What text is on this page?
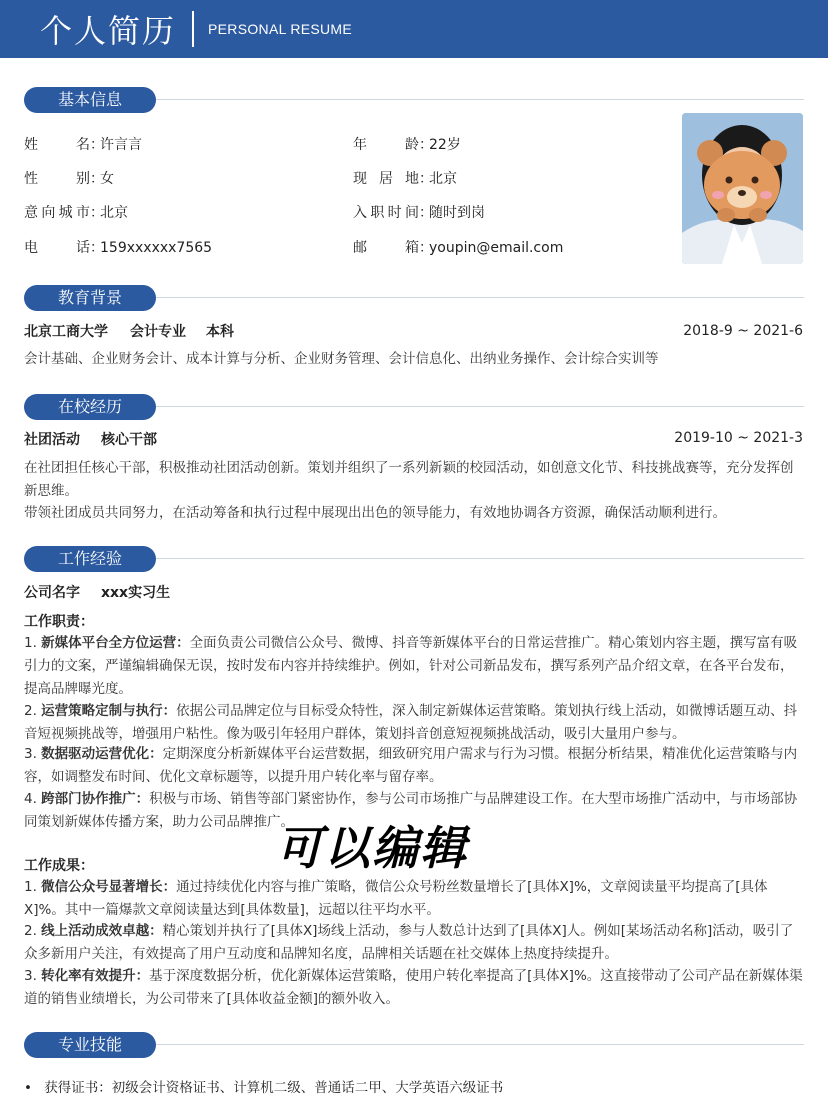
个人简历 PERSONAL RESUME
基本信息
姓名：许言言	年龄：22岁
性别：女	现居地：北京
意向城市：北京	入职时间：随时到岗
电话：159xxxxxx7565	邮箱：youpin@email.com
教育背景
北京工商大学 会计专业 本科	2018-9 ~ 2021-6
会计基础、企业财务会计、成本计算与分析、企业财务管理、会计信息化、出纳业务操作、会计综合实训等
在校经历
社团活动 核心干部	2019-10 ~ 2021-3
在社团担任核心干部，积极推动社团活动创新。策划并组织了一系列新颖的校园活动，如创意文化节、科技挑战赛等，充分发挥创新思维。
带领社团成员共同努力，在活动筹备和执行过程中展现出出色的领导能力，有效地协调各方资源，确保活动顺利进行。
工作经验
公司名字 xxx实习生
工作职责：
1. 新媒体平台全方位运营：全面负责公司微信公众号、微博、抖音等新媒体平台的日常运营推广。精心策划内容主题，撰写富有吸引力的文案，严谨编辑确保无误，按时发布内容并持续维护。例如，针对公司新品发布，撰写系列产品介绍文章，在各平台发布，提高品牌曝光度。
2. 运营策略定制与执行：依据公司品牌定位与目标受众特性，深入制定新媒体运营策略。策划执行线上活动，如微博话题互动、抖音短视频挑战等，增强用户粘性。像为吸引年轻用户群体，策划抖音创意短视频挑战活动，吸引大量用户参与。
3. 数据驱动运营优化：定期深度分析新媒体平台运营数据，细致研究用户需求与行为习惯。根据分析结果，精准优化运营策略与内容，如调整发布时间、优化文章标题等，以提升用户转化率与留存率。
4. 跨部门协作推广：积极与市场、销售等部门紧密协作，参与公司市场推广与品牌建设工作。在大型市场推广活动中，与市场部协同策划新媒体传播方案，助力公司品牌推广。
工作成果：
1. 微信公众号显著增长：通过持续优化内容与推广策略，微信公众号粉丝数量增长了[具体X]%，文章阅读量平均提高了[具体X]%。其中一篇爆款文章阅读量达到[具体数量]，远超以往平均水平。
2. 线上活动成效卓越：精心策划并执行了[具体X]场线上活动，参与人数总计达到了[具体X]人。例如[某场活动名称]活动，吸引了众多新用户关注，有效提高了用户互动度和品牌知名度，品牌相关话题在社交媒体上热度持续提升。
3. 转化率有效提升：基于深度数据分析，优化新媒体运营策略，使用户转化率提高了[具体X]%。这直接带动了公司产品在新媒体渠道的销售业绩增长，为公司带来了[具体收益金额]的额外收入。
可以编辑
专业技能
• 获得证书：初级会计资格证书、计算机二级、普通话二甲、大学英语六级证书
